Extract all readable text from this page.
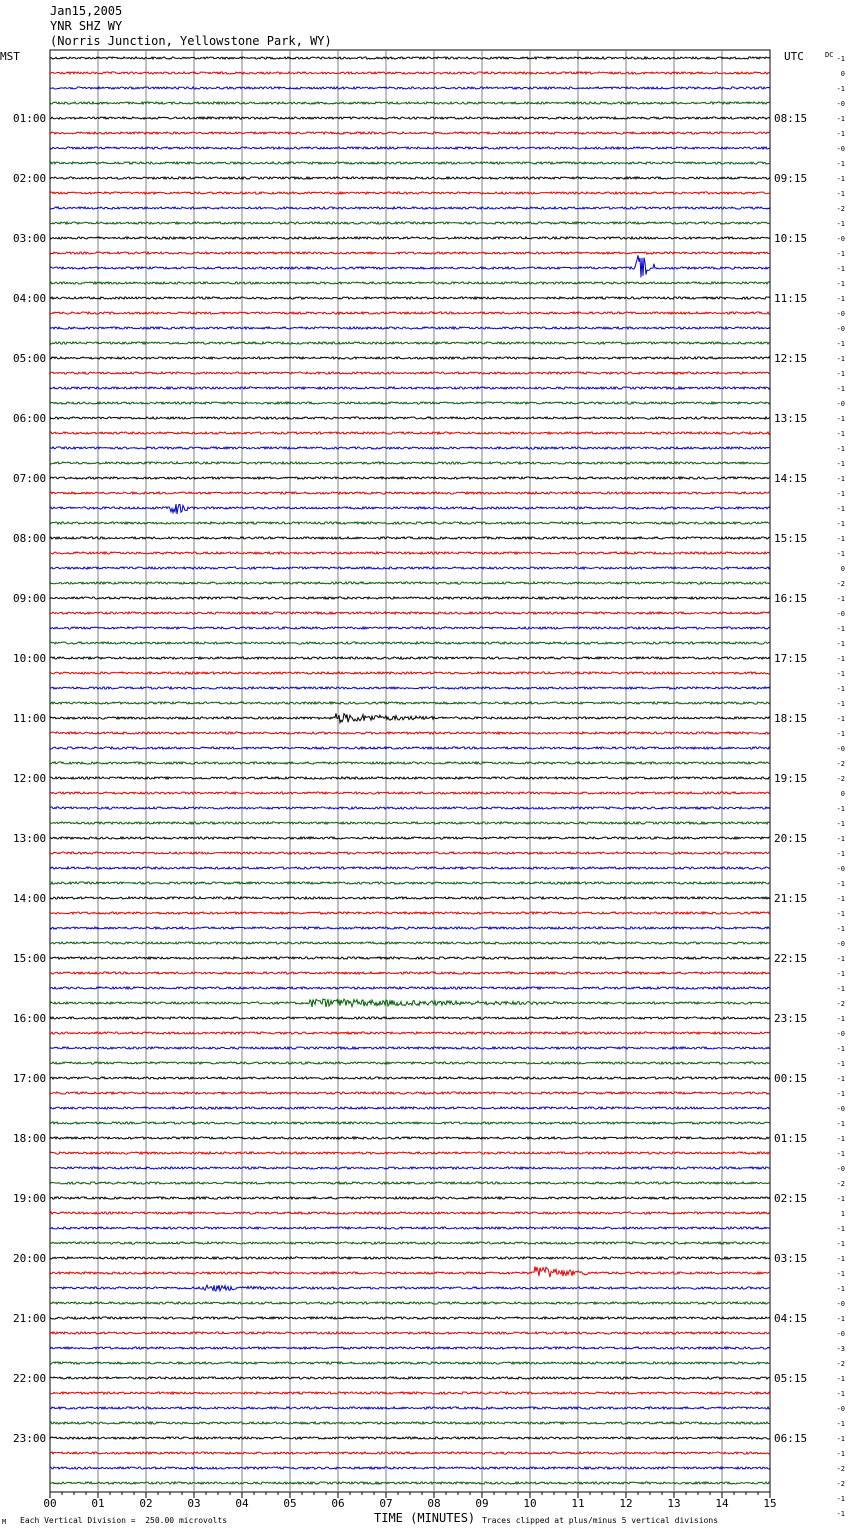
Jan15,2005
YNR SHZ WY
(Norris Junction, Yellowstone Park, WY)
00	01	02	03	04	05	06	07	08	09	10	11	12	13	14	15
MST	UTC	DC
01:00
02:00
03:00
04:00
05:00
06:00
07:00
08:00
09:00
10:00
11:00
12:00
13:00
14:00
15:00
16:00
17:00
18:00
19:00
20:00
21:00
22:00
23:00
08:15
09:15
10:15
11:15
12:15
13:15
14:15
15:15
16:15
17:15
18:15
19:15
20:15
21:15
22:15
23:15
00:15
01:15
02:15
03:15
04:15
05:15
06:15
-1
0
-1
-0
-1
-1
-0
-1
-1
-1
-2
-1
-0
-1
-1
-1
-1
-0
-0
-1
-1
-1
-1
-0
-1
-1
-1
-1
-1
-1
-1
-1
-1
-1
0
-2
-1
-0
-1
-1
-1
-1
-1
-1
-1
-1
-0
-2
-2
0
-1
-1
-1
-1
-0
-1
-1
-1
-1
-0
-1
-1
-1
-2
-1
-0
-1
-1
-1
-1
-0
-1
-1
-1
-0
-2
-1
1
-1
-1
-1
-1
-1
-0
-1
-0
-3
-2
-1
-1
-0
-1
-1
-1
-2
-2
-1
-1
TIME (MINUTES)
Each Vertical Division =  250.00 microvolts	Traces clipped at plus/minus 5 vertical divisions
M
